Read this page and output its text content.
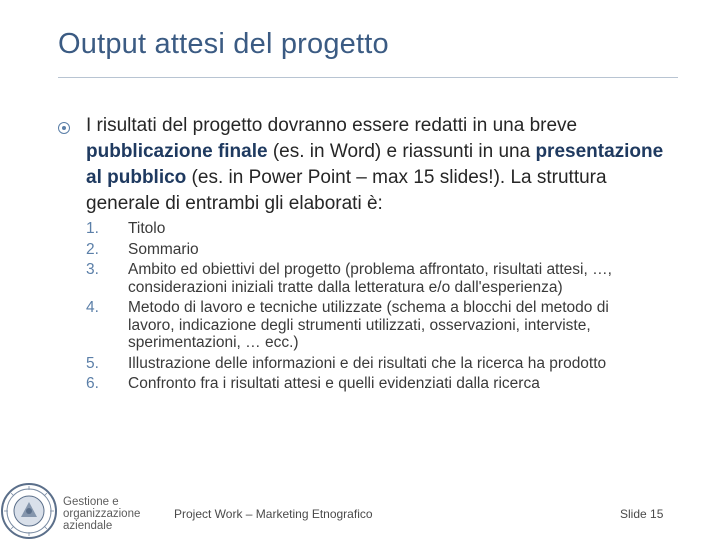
Output attesi del progetto
I risultati del progetto dovranno essere redatti in una breve pubblicazione finale (es. in Word) e riassunti in una presentazione al pubblico (es. in Power Point – max 15 slides!). La struttura generale di entrambi gli elaborati è:
1.	Titolo
2.	Sommario
3.	Ambito ed obiettivi del progetto (problema affrontato, risultati attesi, …, considerazioni iniziali tratte dalla letteratura e/o dall'esperienza)
4.	Metodo di lavoro e tecniche utilizzate (schema a blocchi del metodo di lavoro, indicazione degli strumenti utilizzati, osservazioni, interviste, sperimentazioni, … ecc.)
5.	Illustrazione delle informazioni e dei risultati che la ricerca ha prodotto
6.	Confronto fra i risultati attesi e quelli evidenziati dalla ricerca
Gestione e
organizzazione
aziendale
Project Work – Marketing Etnografico	Slide 15
